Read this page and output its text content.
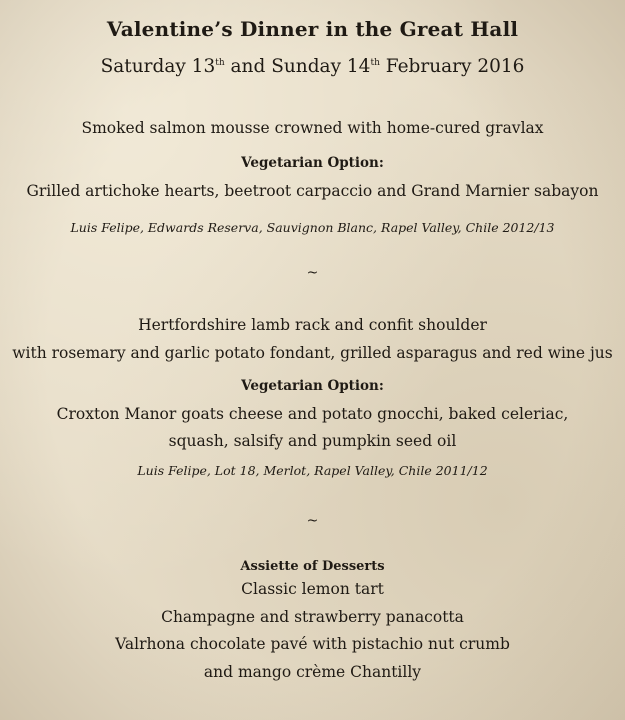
Valentine’s Dinner in the Great Hall
Saturday 13th and Sunday 14th February 2016
Smoked salmon mousse crowned with home-cured gravlax
Vegetarian Option:
Grilled artichoke hearts, beetroot carpaccio and Grand Marnier sabayon
Luis Felipe, Edwards Reserva, Sauvignon Blanc, Rapel Valley, Chile 2012/13
~
Hertfordshire lamb rack and confit shoulder
with rosemary and garlic potato fondant, grilled asparagus and red wine jus
Vegetarian Option:
Croxton Manor goats cheese and potato gnocchi, baked celeriac,
squash, salsify and pumpkin seed oil
Luis Felipe, Lot 18, Merlot, Rapel Valley, Chile 2011/12
~
Assiette of Desserts
Classic lemon tart
Champagne and strawberry panacotta
Valrhona chocolate pavé with pistachio nut crumb
and mango crème Chantilly
